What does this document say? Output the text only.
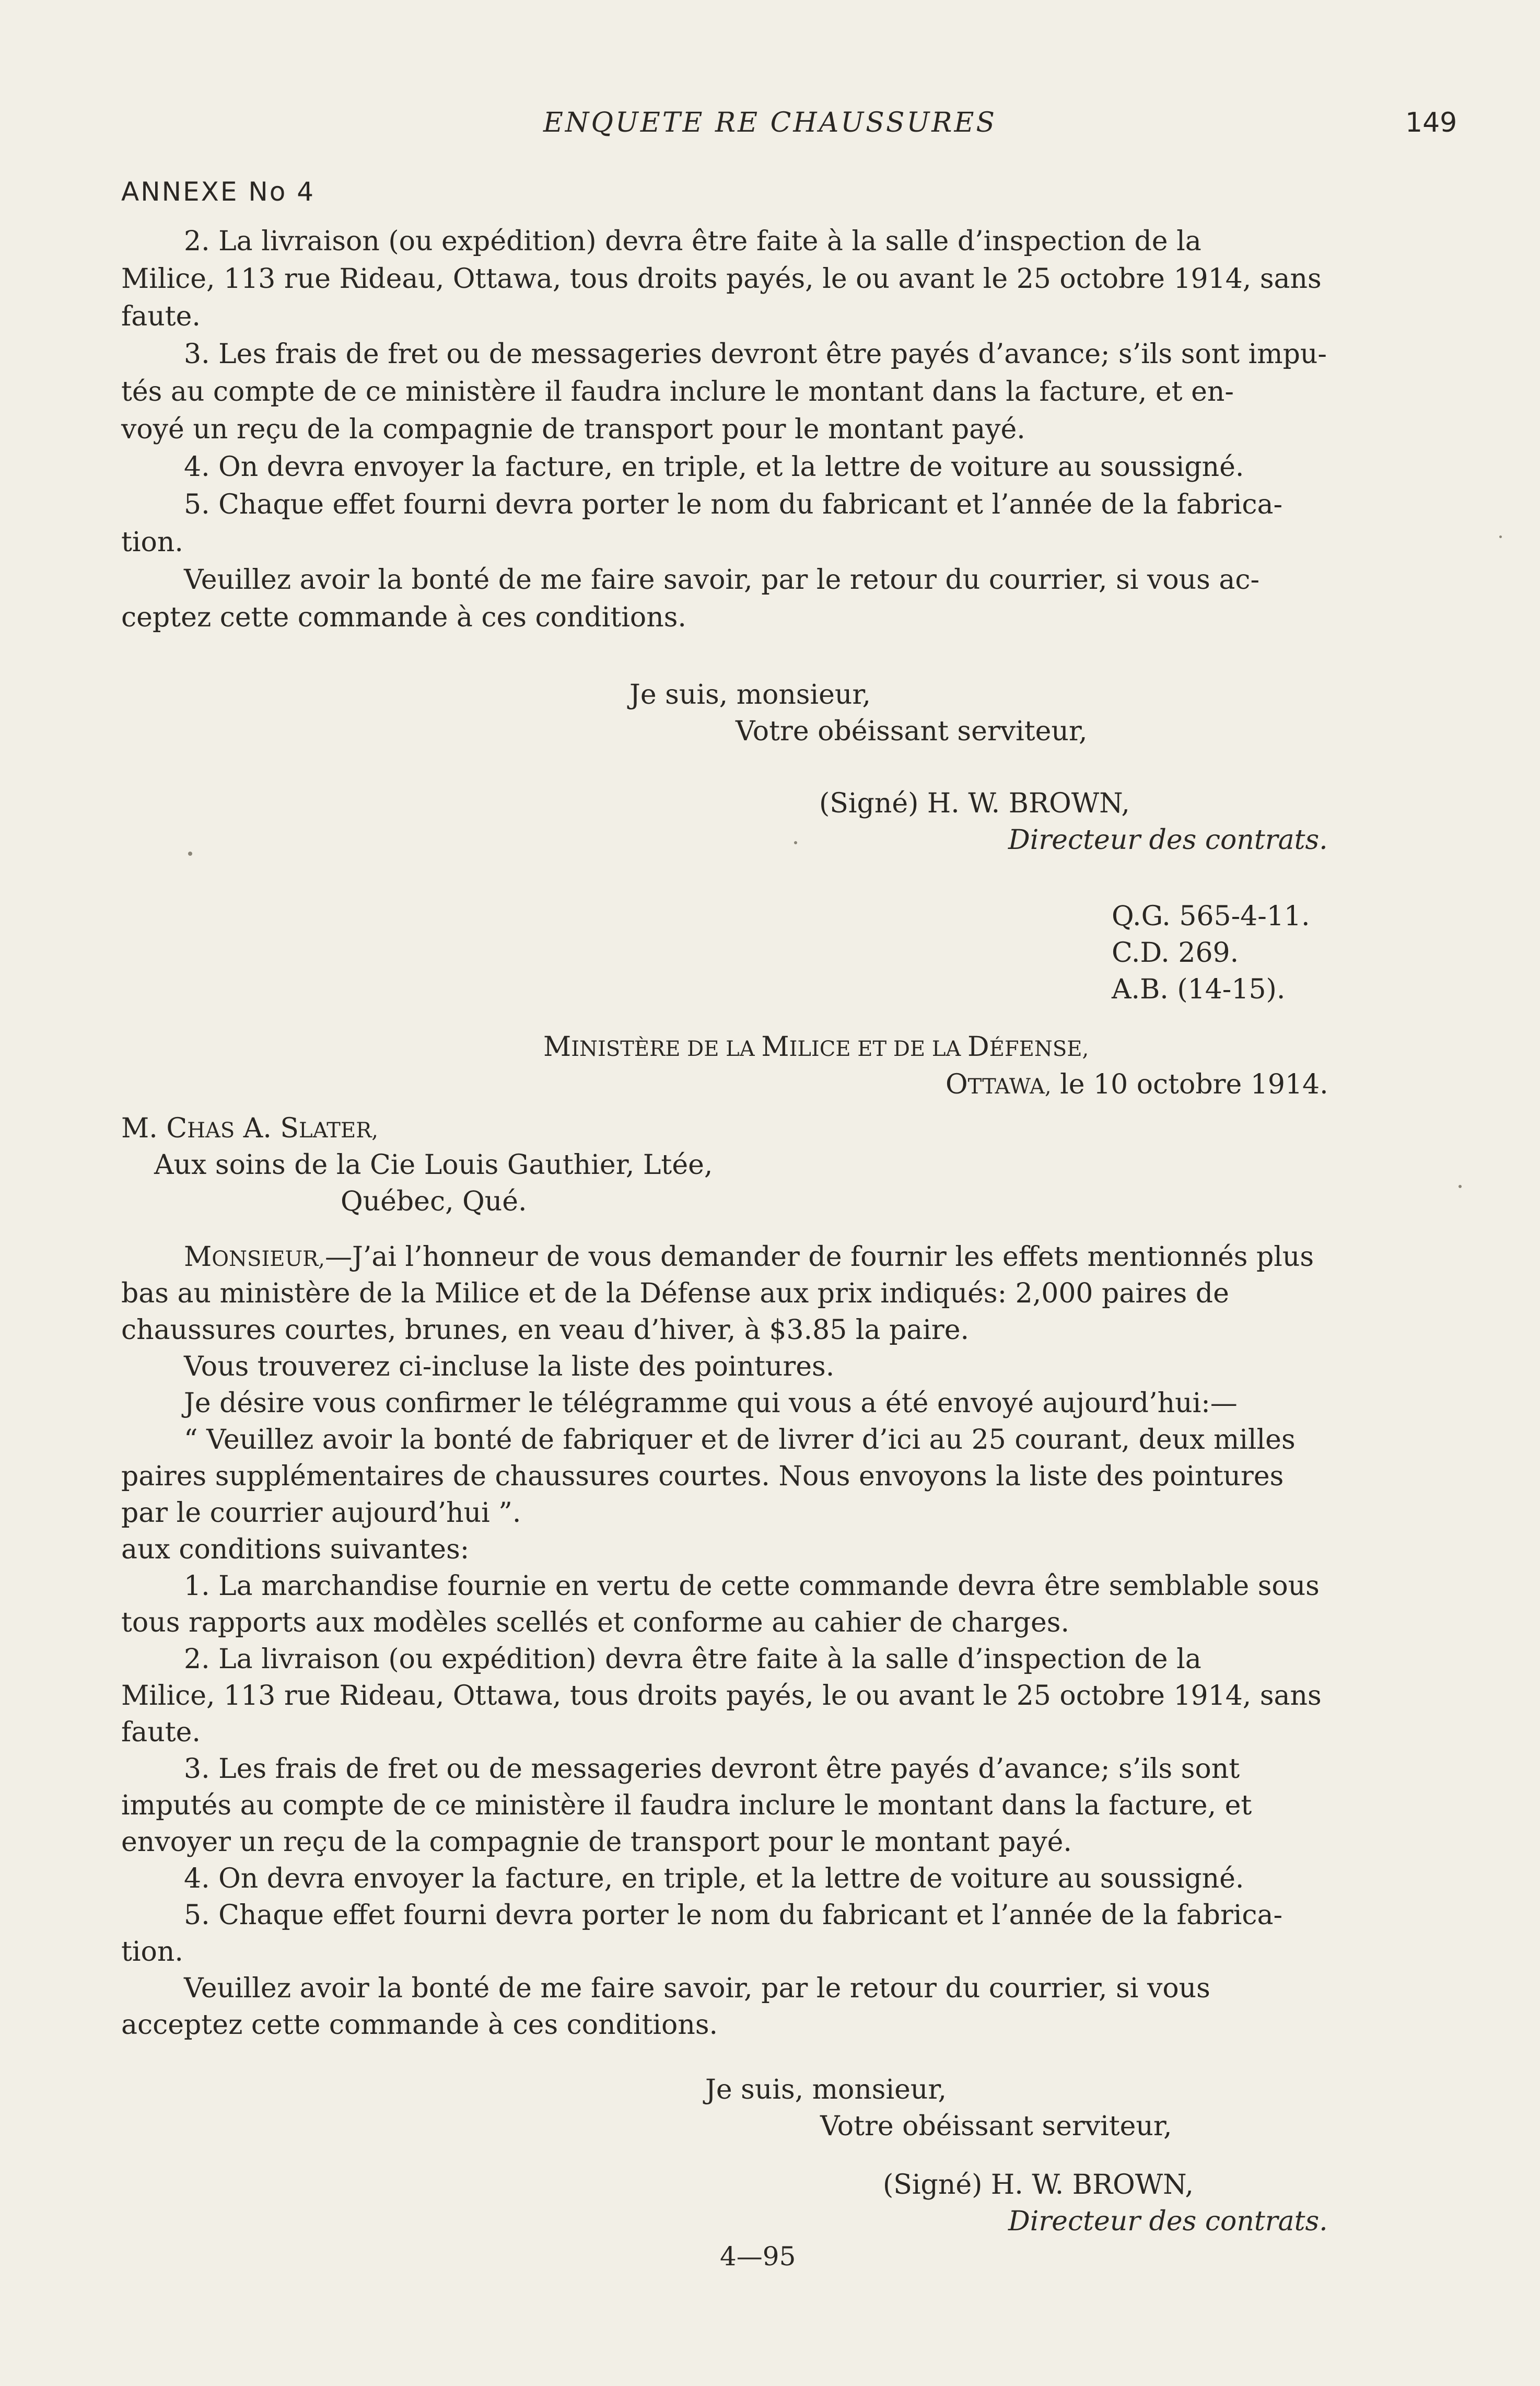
ENQUETE RE CHAUSSURES	149
ANNEXE No 4
2. La livraison (ou expédition) devra être faite à la salle d’inspection de la
Milice, 113 rue Rideau, Ottawa, tous droits payés, le ou avant le 25 octobre 1914, sans
faute.
3. Les frais de fret ou de messageries devront être payés d’avance; s’ils sont impu-
tés au compte de ce ministère il faudra inclure le montant dans la facture, et en-
voyé un reçu de la compagnie de transport pour le montant payé.
4. On devra envoyer la facture, en triple, et la lettre de voiture au soussigné.
5. Chaque effet fourni devra porter le nom du fabricant et l’année de la fabrica-
tion.
Veuillez avoir la bonté de me faire savoir, par le retour du courrier, si vous ac-
ceptez cette commande à ces conditions.
Je suis, monsieur,
Votre obéissant serviteur,
(Signé) H. W. BROWN,
Directeur des contrats.
Q.G. 565-4-11.
C.D. 269.
A.B. (14-15).
MINISTÈRE DE LA MILICE ET DE LA DÉFENSE,
OTTAWA, le 10 octobre 1914.
M. CHAS A. SLATER,
Aux soins de la Cie Louis Gauthier, Ltée,
Québec, Qué.
MONSIEUR,—J’ai l’honneur de vous demander de fournir les effets mentionnés plus
bas au ministère de la Milice et de la Défense aux prix indiqués: 2,000 paires de
chaussures courtes, brunes, en veau d’hiver, à $3.85 la paire.
Vous trouverez ci-incluse la liste des pointures.
Je désire vous confirmer le télégramme qui vous a été envoyé aujourd’hui:—
“ Veuillez avoir la bonté de fabriquer et de livrer d’ici au 25 courant, deux milles
paires supplémentaires de chaussures courtes. Nous envoyons la liste des pointures
par le courrier aujourd’hui ”.
aux conditions suivantes:
1. La marchandise fournie en vertu de cette commande devra être semblable sous
tous rapports aux modèles scellés et conforme au cahier de charges.
2. La livraison (ou expédition) devra être faite à la salle d’inspection de la
Milice, 113 rue Rideau, Ottawa, tous droits payés, le ou avant le 25 octobre 1914, sans
faute.
3. Les frais de fret ou de messageries devront être payés d’avance; s’ils sont
imputés au compte de ce ministère il faudra inclure le montant dans la facture, et
envoyer un reçu de la compagnie de transport pour le montant payé.
4. On devra envoyer la facture, en triple, et la lettre de voiture au soussigné.
5. Chaque effet fourni devra porter le nom du fabricant et l’année de la fabrica-
tion.
Veuillez avoir la bonté de me faire savoir, par le retour du courrier, si vous
acceptez cette commande à ces conditions.
Je suis, monsieur,
Votre obéissant serviteur,
(Signé) H. W. BROWN,
Directeur des contrats.
4—95
